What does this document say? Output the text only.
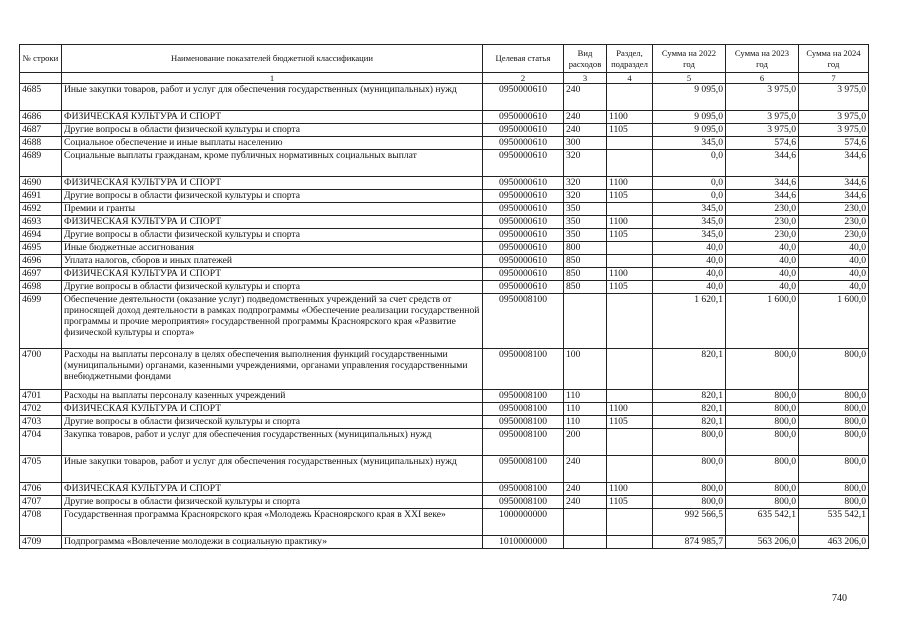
№ строки	Наименование показателей бюджетной классификации	Целевая статья	Вид расходов	Раздел, подраздел	Сумма на 2022 год	Сумма на 2023 год	Сумма на 2024 год
	1	2	3	4	5	6	7
4685	Иные закупки товаров, работ и услуг для обеспечения государственных (муниципальных) нужд	0950000610	240		9 095,0	3 975,0	3 975,0
4686	ФИЗИЧЕСКАЯ КУЛЬТУРА И СПОРТ	0950000610	240	1100	9 095,0	3 975,0	3 975,0
4687	Другие вопросы в области физической культуры и спорта	0950000610	240	1105	9 095,0	3 975,0	3 975,0
4688	Социальное обеспечение и иные выплаты населению	0950000610	300		345,0	574,6	574,6
4689	Социальные выплаты гражданам, кроме публичных нормативных социальных выплат	0950000610	320		0,0	344,6	344,6
4690	ФИЗИЧЕСКАЯ КУЛЬТУРА И СПОРТ	0950000610	320	1100	0,0	344,6	344,6
4691	Другие вопросы в области физической культуры и спорта	0950000610	320	1105	0,0	344,6	344,6
4692	Премии и гранты	0950000610	350		345,0	230,0	230,0
4693	ФИЗИЧЕСКАЯ КУЛЬТУРА И СПОРТ	0950000610	350	1100	345,0	230,0	230,0
4694	Другие вопросы в области физической культуры и спорта	0950000610	350	1105	345,0	230,0	230,0
4695	Иные бюджетные ассигнования	0950000610	800		40,0	40,0	40,0
4696	Уплата налогов, сборов и иных платежей	0950000610	850		40,0	40,0	40,0
4697	ФИЗИЧЕСКАЯ КУЛЬТУРА И СПОРТ	0950000610	850	1100	40,0	40,0	40,0
4698	Другие вопросы в области физической культуры и спорта	0950000610	850	1105	40,0	40,0	40,0
4699	Обеспечение деятельности (оказание услуг) подведомственных учреждений за счет средств от приносящей доход деятельности в рамках подпрограммы «Обеспечение реализации государственной программы и прочие мероприятия» государственной программы Красноярского края «Развитие физической культуры и спорта»	0950008100			1 620,1	1 600,0	1 600,0
4700	Расходы на выплаты персоналу в целях обеспечения выполнения функций государственными (муниципальными) органами, казенными учреждениями, органами управления государственными внебюджетными фондами	0950008100	100		820,1	800,0	800,0
4701	Расходы на выплаты персоналу казенных учреждений	0950008100	110		820,1	800,0	800,0
4702	ФИЗИЧЕСКАЯ КУЛЬТУРА И СПОРТ	0950008100	110	1100	820,1	800,0	800,0
4703	Другие вопросы в области физической культуры и спорта	0950008100	110	1105	820,1	800,0	800,0
4704	Закупка товаров, работ и услуг для обеспечения государственных (муниципальных) нужд	0950008100	200		800,0	800,0	800,0
4705	Иные закупки товаров, работ и услуг для обеспечения государственных (муниципальных) нужд	0950008100	240		800,0	800,0	800,0
4706	ФИЗИЧЕСКАЯ КУЛЬТУРА И СПОРТ	0950008100	240	1100	800,0	800,0	800,0
4707	Другие вопросы в области физической культуры и спорта	0950008100	240	1105	800,0	800,0	800,0
4708	Государственная программа Красноярского края «Молодежь Красноярского края в XXI веке»	1000000000			992 566,5	635 542,1	535 542,1
4709	Подпрограмма «Вовлечение молодежи в социальную практику»	1010000000			874 985,7	563 206,0	463 206,0
740
